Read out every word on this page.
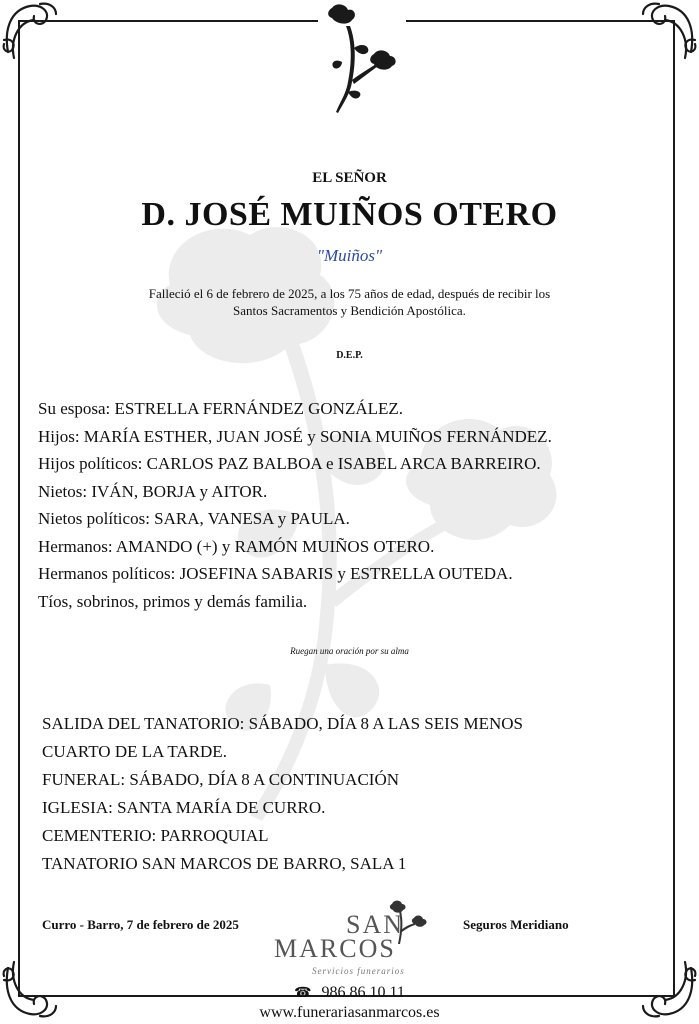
EL SEÑOR
D. JOSÉ MUIÑOS OTERO
"Muiños"
Falleció el 6 de febrero de 2025, a los 75 años de edad, después de recibir los
Santos Sacramentos y Bendición Apostólica.
D.E.P.
Su esposa: ESTRELLA FERNÁNDEZ GONZÁLEZ.
Hijos: MARÍA ESTHER, JUAN JOSÉ y SONIA MUIÑOS FERNÁNDEZ.
Hijos políticos: CARLOS PAZ BALBOA e ISABEL ARCA BARREIRO.
Nietos: IVÁN, BORJA y AITOR.
Nietos políticos: SARA, VANESA y PAULA.
Hermanos: AMANDO (+) y RAMÓN MUIÑOS OTERO.
Hermanos políticos: JOSEFINA SABARIS y ESTRELLA OUTEDA.
Tíos, sobrinos, primos y demás familia.
Ruegan una oración por su alma
SALIDA DEL TANATORIO: SÁBADO, DÍA 8 A LAS SEIS MENOS
CUARTO DE LA TARDE.
FUNERAL: SÁBADO, DÍA 8 A CONTINUACIÓN
IGLESIA: SANTA MARÍA DE CURRO.
CEMENTERIO: PARROQUIAL
TANATORIO SAN MARCOS DE BARRO, SALA 1
Curro - Barro, 7 de febrero de 2025	Seguros Meridiano
SAN
MARCOS
Servicios funerarios
☎ 986 86 10 11
www.funerariasanmarcos.es
